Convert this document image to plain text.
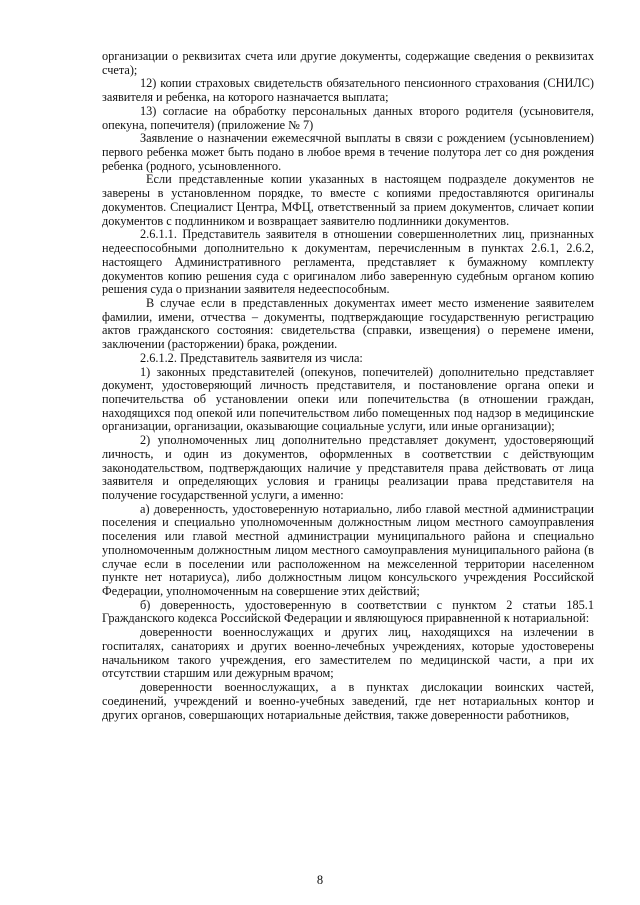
организации о реквизитах счета или другие документы, содержащие сведения о реквизитах счета);

12) копии страховых свидетельств обязательного пенсионного страхования (СНИЛС) заявителя и ребенка, на которого назначается выплата;

13) согласие на обработку персональных данных второго родителя (усыновителя, опекуна, попечителя) (приложение № 7)

Заявление о назначении ежемесячной выплаты в связи с рождением (усыновлением) первого ребенка может быть подано в любое время в течение полутора лет со дня рождения ребенка (родного, усыновленного.

Если представленные копии указанных в настоящем подразделе документов не заверены в установленном порядке, то вместе с копиями предоставляются оригиналы документов. Специалист Центра, МФЦ, ответственный за прием документов, сличает копии документов с подлинником и возвращает заявителю подлинники документов.

2.6.1.1. Представитель заявителя в отношении совершеннолетних лиц, признанных недееспособными дополнительно к документам, перечисленным в пунктах 2.6.1, 2.6.2, настоящего Административного регламента, представляет к бумажному комплекту документов копию решения суда с оригиналом либо заверенную судебным органом копию решения суда о признании заявителя недееспособным.

В случае если в представленных документах имеет место изменение заявителем фамилии, имени, отчества – документы, подтверждающие государственную регистрацию актов гражданского состояния: свидетельства (справки, извещения) о перемене имени, заключении (расторжении) брака, рождении.

2.6.1.2. Представитель заявителя из числа:

1) законных представителей (опекунов, попечителей) дополнительно представляет документ, удостоверяющий личность представителя, и постановление органа опеки и попечительства об установлении опеки или попечительства (в отношении граждан, находящихся под опекой или попечительством либо помещенных под надзор в медицинские организации, организации, оказывающие социальные услуги, или иные организации);

2) уполномоченных лиц дополнительно представляет документ, удостоверяющий личность, и один из документов, оформленных в соответствии с действующим законодательством, подтверждающих наличие у представителя права действовать от лица заявителя и определяющих условия и границы реализации права представителя на получение государственной услуги, а именно:

а) доверенность, удостоверенную нотариально, либо главой местной администрации поселения и специально уполномоченным должностным лицом местного самоуправления поселения или главой местной администрации муниципального района и специально уполномоченным должностным лицом местного самоуправления муниципального района (в случае если в поселении или расположенном на межселенной территории населенном пункте нет нотариуса), либо должностным лицом консульского учреждения Российской Федерации, уполномоченным на совершение этих действий;

б) доверенность, удостоверенную в соответствии с пунктом 2 статьи 185.1 Гражданского кодекса Российской Федерации и являющуюся приравненной к нотариальной:

доверенности военнослужащих и других лиц, находящихся на излечении в госпиталях, санаториях и других военно-лечебных учреждениях, которые удостоверены начальником такого учреждения, его заместителем по медицинской части, а при их отсутствии старшим или дежурным врачом;

доверенности военнослужащих, а в пунктах дислокации воинских частей, соединений, учреждений и военно-учебных заведений, где нет нотариальных контор и других органов, совершающих нотариальные действия, также доверенности работников,

8
